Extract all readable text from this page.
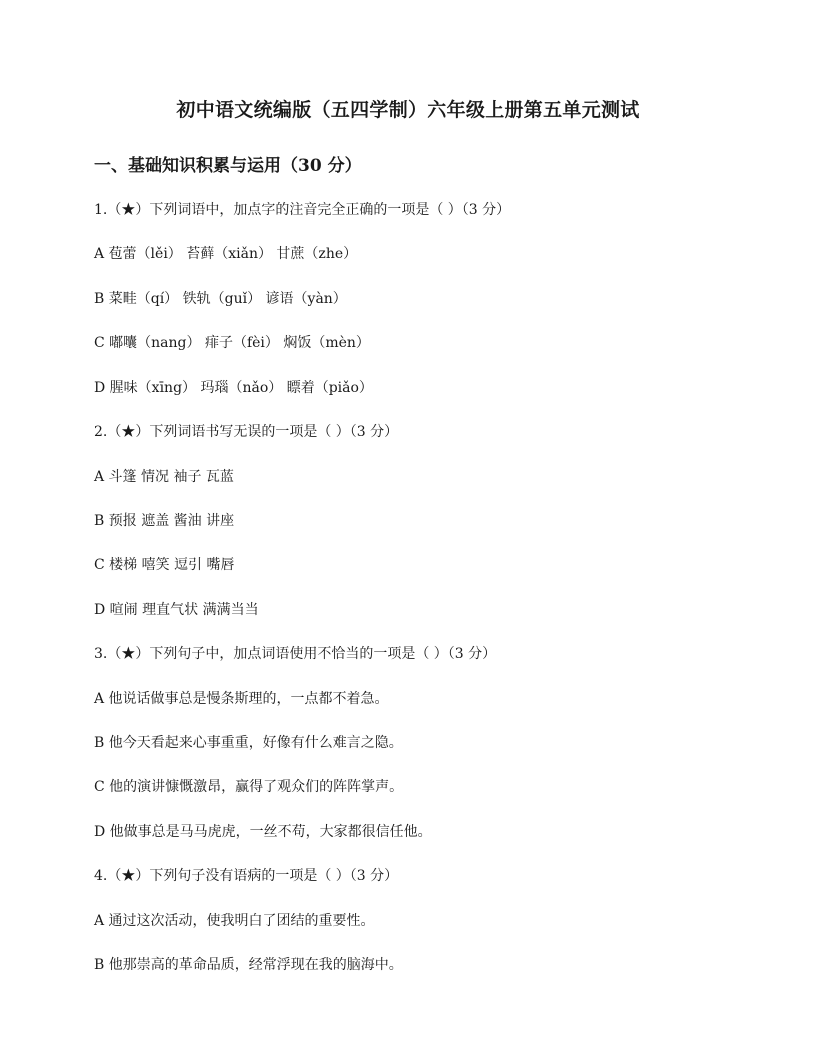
初中语文统编版（五四学制）六年级上册第五单元测试
一、基础知识积累与运用（30 分）
1.（★）下列词语中，加点字的注音完全正确的一项是（ ）（3 分）
A 苞蕾（lěi） 苔藓（xiǎn） 甘蔗（zhe）
B 菜畦（qí） 铁轨（guǐ） 谚语（yàn）
C 嘟囔（nang） 痱子（fèi） 焖饭（mèn）
D 腥味（xīng） 玛瑙（nǎo） 瞟着（piǎo）
2.（★）下列词语书写无误的一项是（ ）（3 分）
A 斗篷 情况 袖子 瓦蓝
B 预报 遮盖 酱油 讲座
C 楼梯 嘻笑 逗引 嘴唇
D 喧闹 理直气状 满满当当
3.（★）下列句子中，加点词语使用不恰当的一项是（ ）（3 分）
A 他说话做事总是慢条斯理的，一点都不着急。
B 他今天看起来心事重重，好像有什么难言之隐。
C 他的演讲慷慨激昂，赢得了观众们的阵阵掌声。
D 他做事总是马马虎虎，一丝不苟，大家都很信任他。
4.（★）下列句子没有语病的一项是（ ）（3 分）
A 通过这次活动，使我明白了团结的重要性。
B 他那崇高的革命品质，经常浮现在我的脑海中。
